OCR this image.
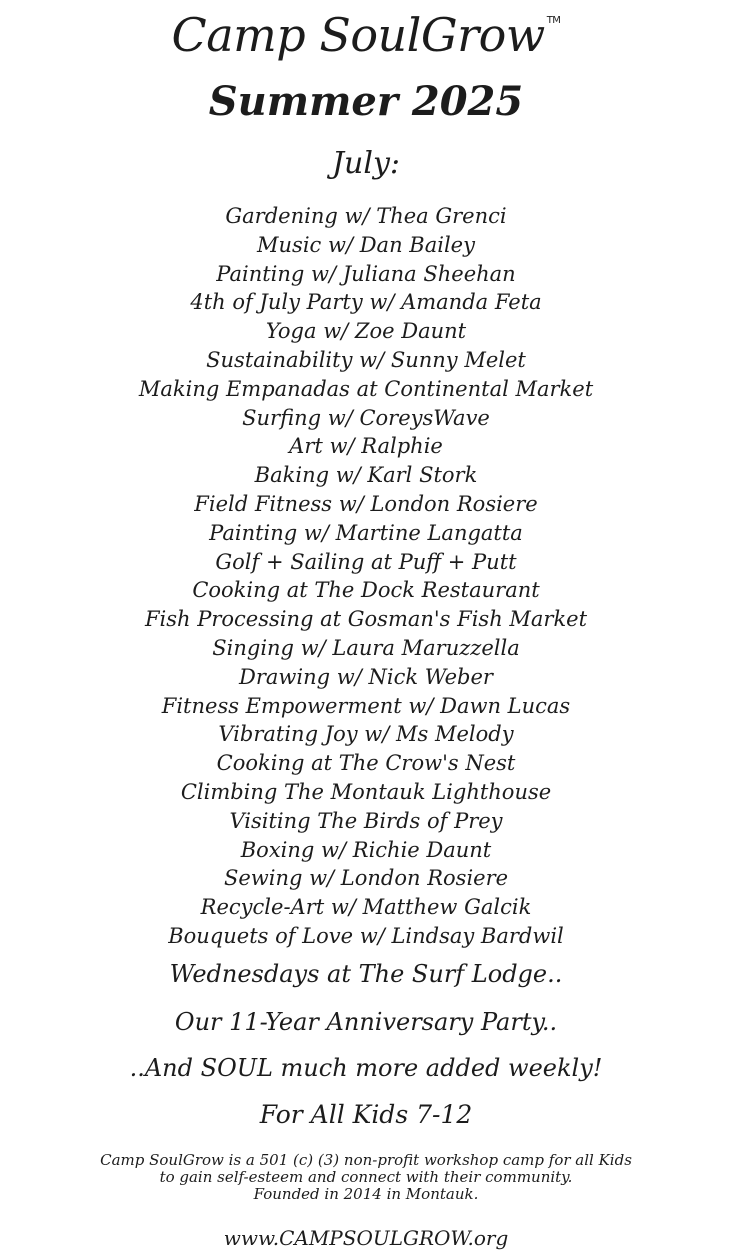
Camp SoulGrow ™
Summer 2025
July:
Gardening w/ Thea Grenci
Music w/ Dan Bailey
Painting w/ Juliana Sheehan
4th of July Party w/ Amanda Feta
Yoga w/ Zoe Daunt
Sustainability w/ Sunny Melet
Making Empanadas at Continental Market
Surfing w/ CoreysWave
Art w/ Ralphie
Baking w/ Karl Stork
Field Fitness w/ London Rosiere
Painting w/ Martine Langatta
Golf + Sailing at Puff + Putt
Cooking at The Dock Restaurant
Fish Processing at Gosman's Fish Market
Singing w/ Laura Maruzzella
Drawing w/ Nick Weber
Fitness Empowerment w/ Dawn Lucas
Vibrating Joy w/ Ms Melody
Cooking at The Crow's Nest
Climbing The Montauk Lighthouse
Visiting The Birds of Prey
Boxing w/ Richie Daunt
Sewing w/ London Rosiere
Recycle-Art w/ Matthew Galcik
Bouquets of Love w/ Lindsay Bardwil
Wednesdays at The Surf Lodge..
Our 11-Year Anniversary Party..
..And SOUL much more added weekly!
For All Kids 7-12
Camp SoulGrow is a 501 (c) (3) non-profit workshop camp for all Kids
to gain self-esteem and connect with their community.
Founded in 2014 in Montauk.
www.CAMPSOULGROW.org
